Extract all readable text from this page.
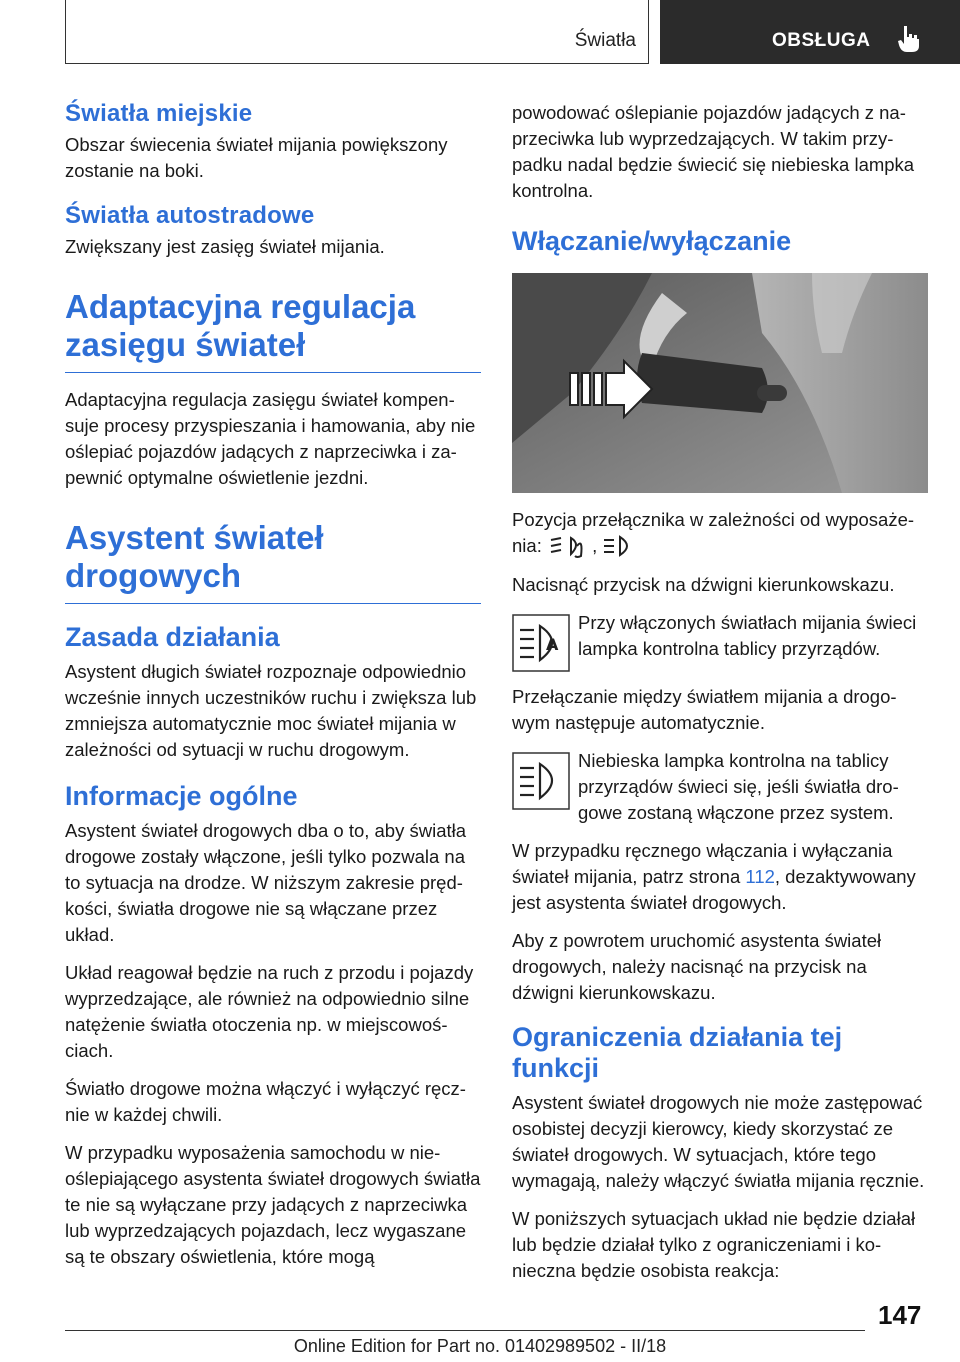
Światła	OBSŁUGA
Światła miejskie

Obszar świecenia świateł mijania powiększony zostanie na boki.

Światła autostradowe

Zwiększany jest zasięg świateł mijania.

Adaptacyjna regulacja zasięgu świateł

Adaptacyjna regulacja zasięgu świateł kompensuje procesy przyspieszania i hamowania, aby nie oślepiać pojazdów jadących z naprzeciwka i zapewnić optymalne oświetlenie jezdni.

Asystent świateł drogowych
Zasada działania

Asystent długich świateł rozpoznaje odpowiednio wcześnie innych uczestników ruchu i zwiększa lub zmniejsza automatycznie moc świateł mijania w zależności od sytuacji w ruchu drogowym.

Informacje ogólne

Asystent świateł drogowych dba o to, aby światła drogowe zostały włączone, jeśli tylko pozwala na to sytuacja na drodze. W niższym zakresie prędkości, światła drogowe nie są włączane przez układ.

Układ reagował będzie na ruch z przodu i pojazdy wyprzedzające, ale również na odpowiednio silne natężenie światła otoczenia np. w miejscowościach.

Światło drogowe można włączyć i wyłączyć ręcznie w każdej chwili.

W przypadku wyposażenia samochodu w nieoślepiającego asystenta świateł drogowych światła te nie są wyłączane przy jadących z naprzeciwka lub wyprzedzających pojazdach, lecz wygaszane są te obszary oświetlenia, które mogą

powodować oślepianie pojazdów jadących z naprzeciwka lub wyprzedzających. W takim przypadku nadal będzie świecić się niebieska lampka kontrolna.

Włączanie/wyłączanie

Pozycja przełącznika w zależności od wyposażenia:	,

Nacisnąć przycisk na dźwigni kierunkowskazu.

A

Przy włączonych światłach mijania świeci lampka kontrolna tablicy przyrządów.

Przełączanie między światłem mijania a drogowym następuje automatycznie.

Niebieska lampka kontrolna na tablicy przyrządów świeci się, jeśli światła drogowe zostaną włączone przez system.

W przypadku ręcznego włączania i wyłączania świateł mijania, patrz strona 112, dezaktywowany jest asystenta świateł drogowych.

Aby z powrotem uruchomić asystenta świateł drogowych, należy nacisnąć na przycisk na dźwigni kierunkowskazu.

Ograniczenia działania tej funkcji

Asystent świateł drogowych nie może zastępować osobistej decyzji kierowcy, kiedy skorzystać ze świateł drogowych. W sytuacjach, które tego wymagają, należy włączyć światła mijania ręcznie.

W poniższych sytuacjach układ nie będzie działał lub będzie działał tylko z ograniczeniami i konieczna będzie osobista reakcja:

147
Online Edition for Part no. 01402989502 - II/18
